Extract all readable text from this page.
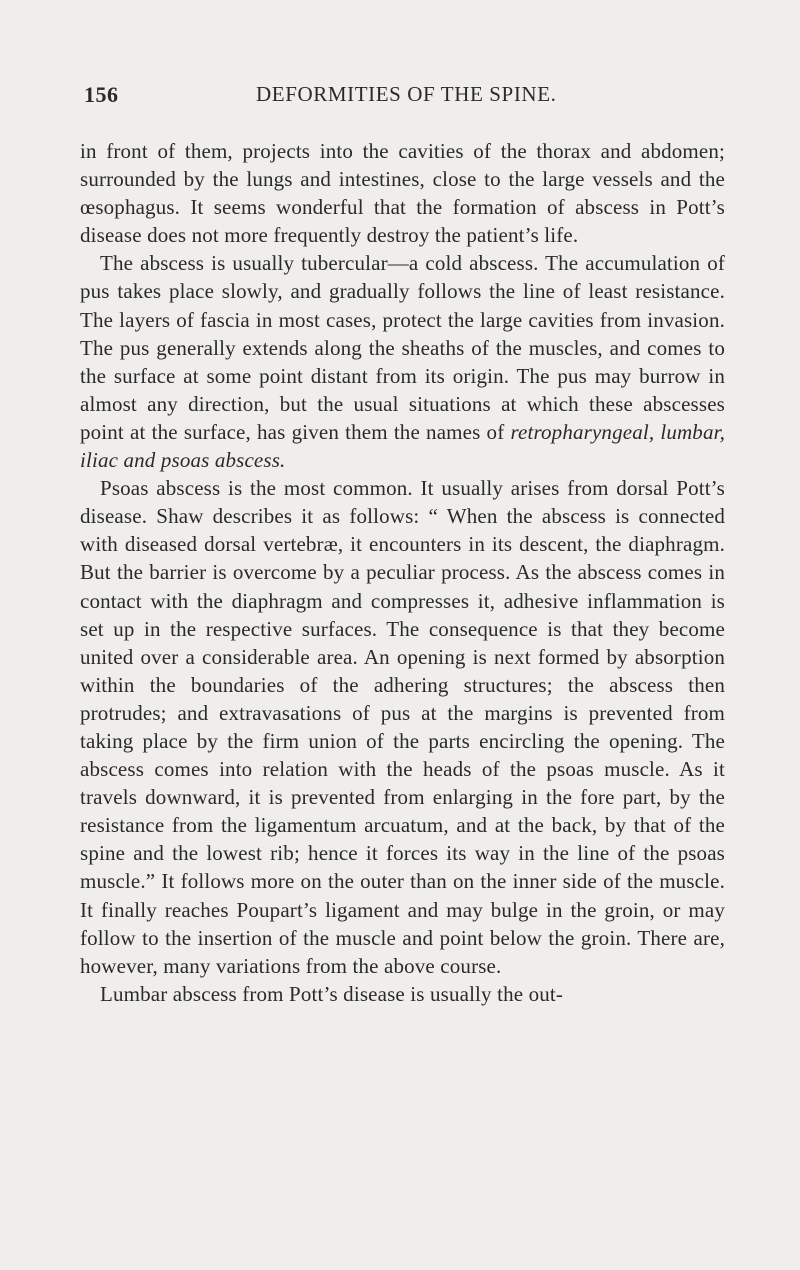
156	DEFORMITIES OF THE SPINE.

in front of them, projects into the cavities of the thorax and abdomen; surrounded by the lungs and intestines, close to the large vessels and the œsophagus. It seems wonderful that the formation of abscess in Pott’s disease does not more frequently destroy the patient’s life.

The abscess is usually tubercular—a cold abscess. The accumulation of pus takes place slowly, and gradually follows the line of least resistance. The layers of fascia in most cases, protect the large cavities from invasion. The pus generally extends along the sheaths of the muscles, and comes to the surface at some point distant from its origin. The pus may burrow in almost any direction, but the usual situations at which these abscesses point at the surface, has given them the names of retropharyngeal, lumbar, iliac and psoas abscess.

Psoas abscess is the most common. It usually arises from dorsal Pott’s disease. Shaw describes it as follows: “ When the abscess is connected with diseased dorsal vertebræ, it encounters in its descent, the diaphragm. But the barrier is overcome by a peculiar process. As the abscess comes in contact with the diaphragm and compresses it, adhesive inflammation is set up in the respective surfaces. The consequence is that they become united over a considerable area. An opening is next formed by absorption within the boundaries of the adhering structures; the abscess then protrudes; and extravasations of pus at the margins is prevented from taking place by the firm union of the parts encircling the opening. The abscess comes into relation with the heads of the psoas muscle. As it travels downward, it is prevented from enlarging in the fore part, by the resistance from the ligamentum arcuatum, and at the back, by that of the spine and the lowest rib; hence it forces its way in the line of the psoas muscle.” It follows more on the outer than on the inner side of the muscle. It finally reaches Poupart’s ligament and may bulge in the groin, or may follow to the insertion of the muscle and point below the groin. There are, however, many variations from the above course.

Lumbar abscess from Pott’s disease is usually the out-
